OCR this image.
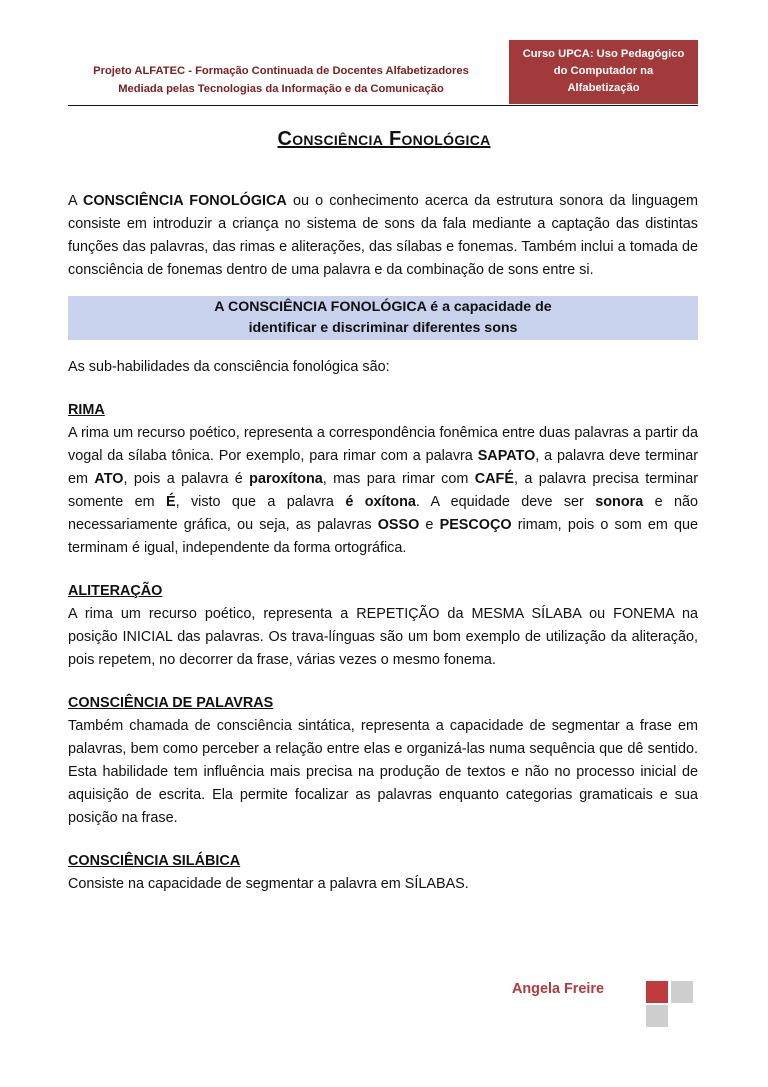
Projeto ALFATEC - Formação Continuada de Docentes Alfabetizadores
Mediada pelas Tecnologias da Informação e da Comunicação
Curso UPCA: Uso Pedagógico
do Computador na
Alfabetização
Consciência Fonológica

A CONSCIÊNCIA FONOLÓGICA ou o conhecimento acerca da estrutura sonora da linguagem consiste em introduzir a criança no sistema de sons da fala mediante a captação das distintas funções das palavras, das rimas e aliterações, das sílabas e fonemas. Também inclui a tomada de consciência de fonemas dentro de uma palavra e da combinação de sons entre si.

A CONSCIÊNCIA FONOLÓGICA é a capacidade de
identificar e discriminar diferentes sons

As sub-habilidades da consciência fonológica são:

RIMA

A rima um recurso poético, representa a correspondência fonêmica entre duas palavras a partir da vogal da sílaba tônica. Por exemplo, para rimar com a palavra SAPATO, a palavra deve terminar em ATO, pois a palavra é paroxítona, mas para rimar com CAFÉ, a palavra precisa terminar somente em É, visto que a palavra é oxítona. A equidade deve ser sonora e não necessariamente gráfica, ou seja, as palavras OSSO e PESCOÇO rimam, pois o som em que terminam é igual, independente da forma ortográfica.

ALITERAÇÃO

A rima um recurso poético, representa a REPETIÇÃO da MESMA SÍLABA ou FONEMA na posição INICIAL das palavras. Os trava-línguas são um bom exemplo de utilização da aliteração, pois repetem, no decorrer da frase, várias vezes o mesmo fonema.

CONSCIÊNCIA DE PALAVRAS

Também chamada de consciência sintática, representa a capacidade de segmentar a frase em palavras, bem como perceber a relação entre elas e organizá-las numa sequência que dê sentido. Esta habilidade tem influência mais precisa na produção de textos e não no processo inicial de aquisição de escrita. Ela permite focalizar as palavras enquanto categorias gramaticais e sua posição na frase.

CONSCIÊNCIA SILÁBICA

Consiste na capacidade de segmentar a palavra em SÍLABAS.

Angela Freire
